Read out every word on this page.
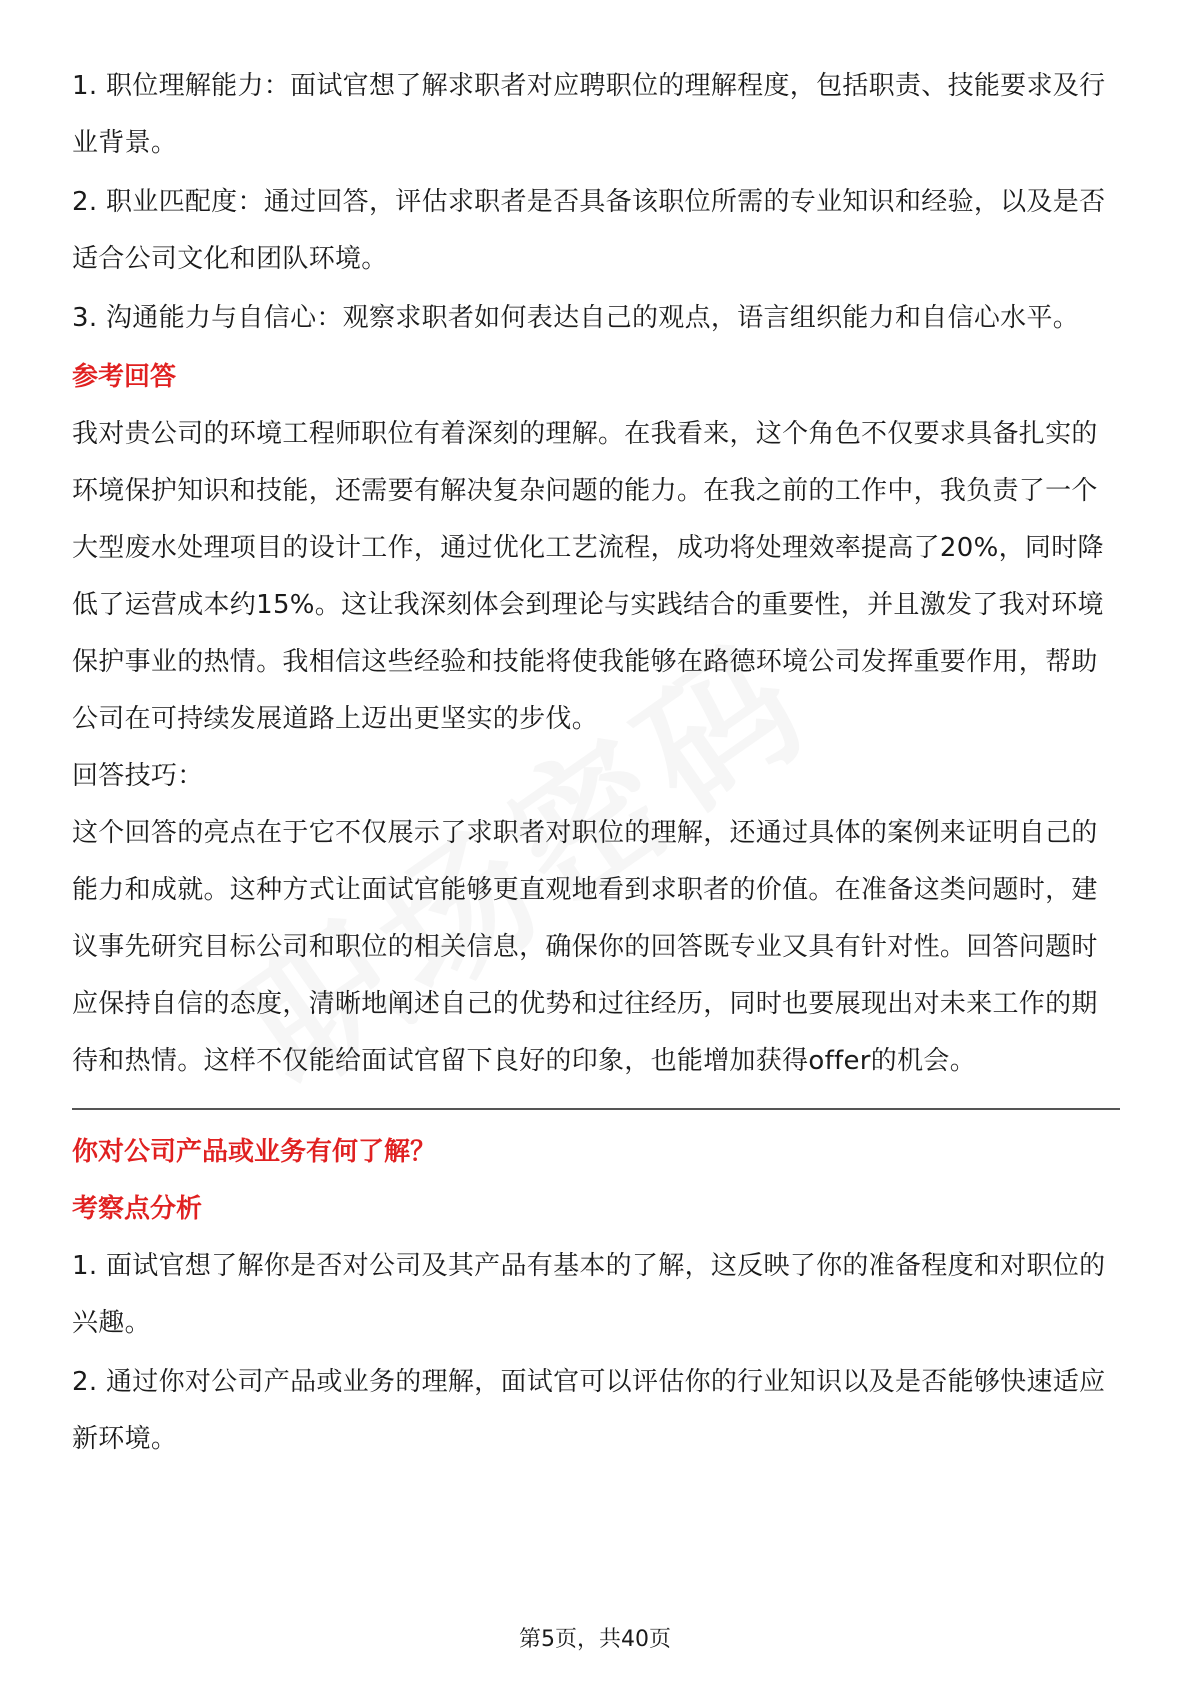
1. 职位理解能力：面试官想了解求职者对应聘职位的理解程度，包括职责、技能要求及行业背景。

2. 职业匹配度：通过回答，评估求职者是否具备该职位所需的专业知识和经验，以及是否适合公司文化和团队环境。

3. 沟通能力与自信心：观察求职者如何表达自己的观点，语言组织能力和自信心水平。

参考回答

我对贵公司的环境工程师职位有着深刻的理解。在我看来，这个角色不仅要求具备扎实的环境保护知识和技能，还需要有解决复杂问题的能力。在我之前的工作中，我负责了一个大型废水处理项目的设计工作，通过优化工艺流程，成功将处理效率提高了20%，同时降低了运营成本约15%。这让我深刻体会到理论与实践结合的重要性，并且激发了我对环境保护事业的热情。我相信这些经验和技能将使我能够在路德环境公司发挥重要作用，帮助公司在可持续发展道路上迈出更坚实的步伐。

回答技巧：

这个回答的亮点在于它不仅展示了求职者对职位的理解，还通过具体的案例来证明自己的能力和成就。这种方式让面试官能够更直观地看到求职者的价值。在准备这类问题时，建议事先研究目标公司和职位的相关信息，确保你的回答既专业又具有针对性。回答问题时应保持自信的态度，清晰地阐述自己的优势和过往经历，同时也要展现出对未来工作的期待和热情。这样不仅能给面试官留下良好的印象，也能增加获得offer的机会。

你对公司产品或业务有何了解？

考察点分析

1. 面试官想了解你是否对公司及其产品有基本的了解，这反映了你的准备程度和对职位的兴趣。

2. 通过你对公司产品或业务的理解，面试官可以评估你的行业知识以及是否能够快速适应新环境。

第5页，共40页
